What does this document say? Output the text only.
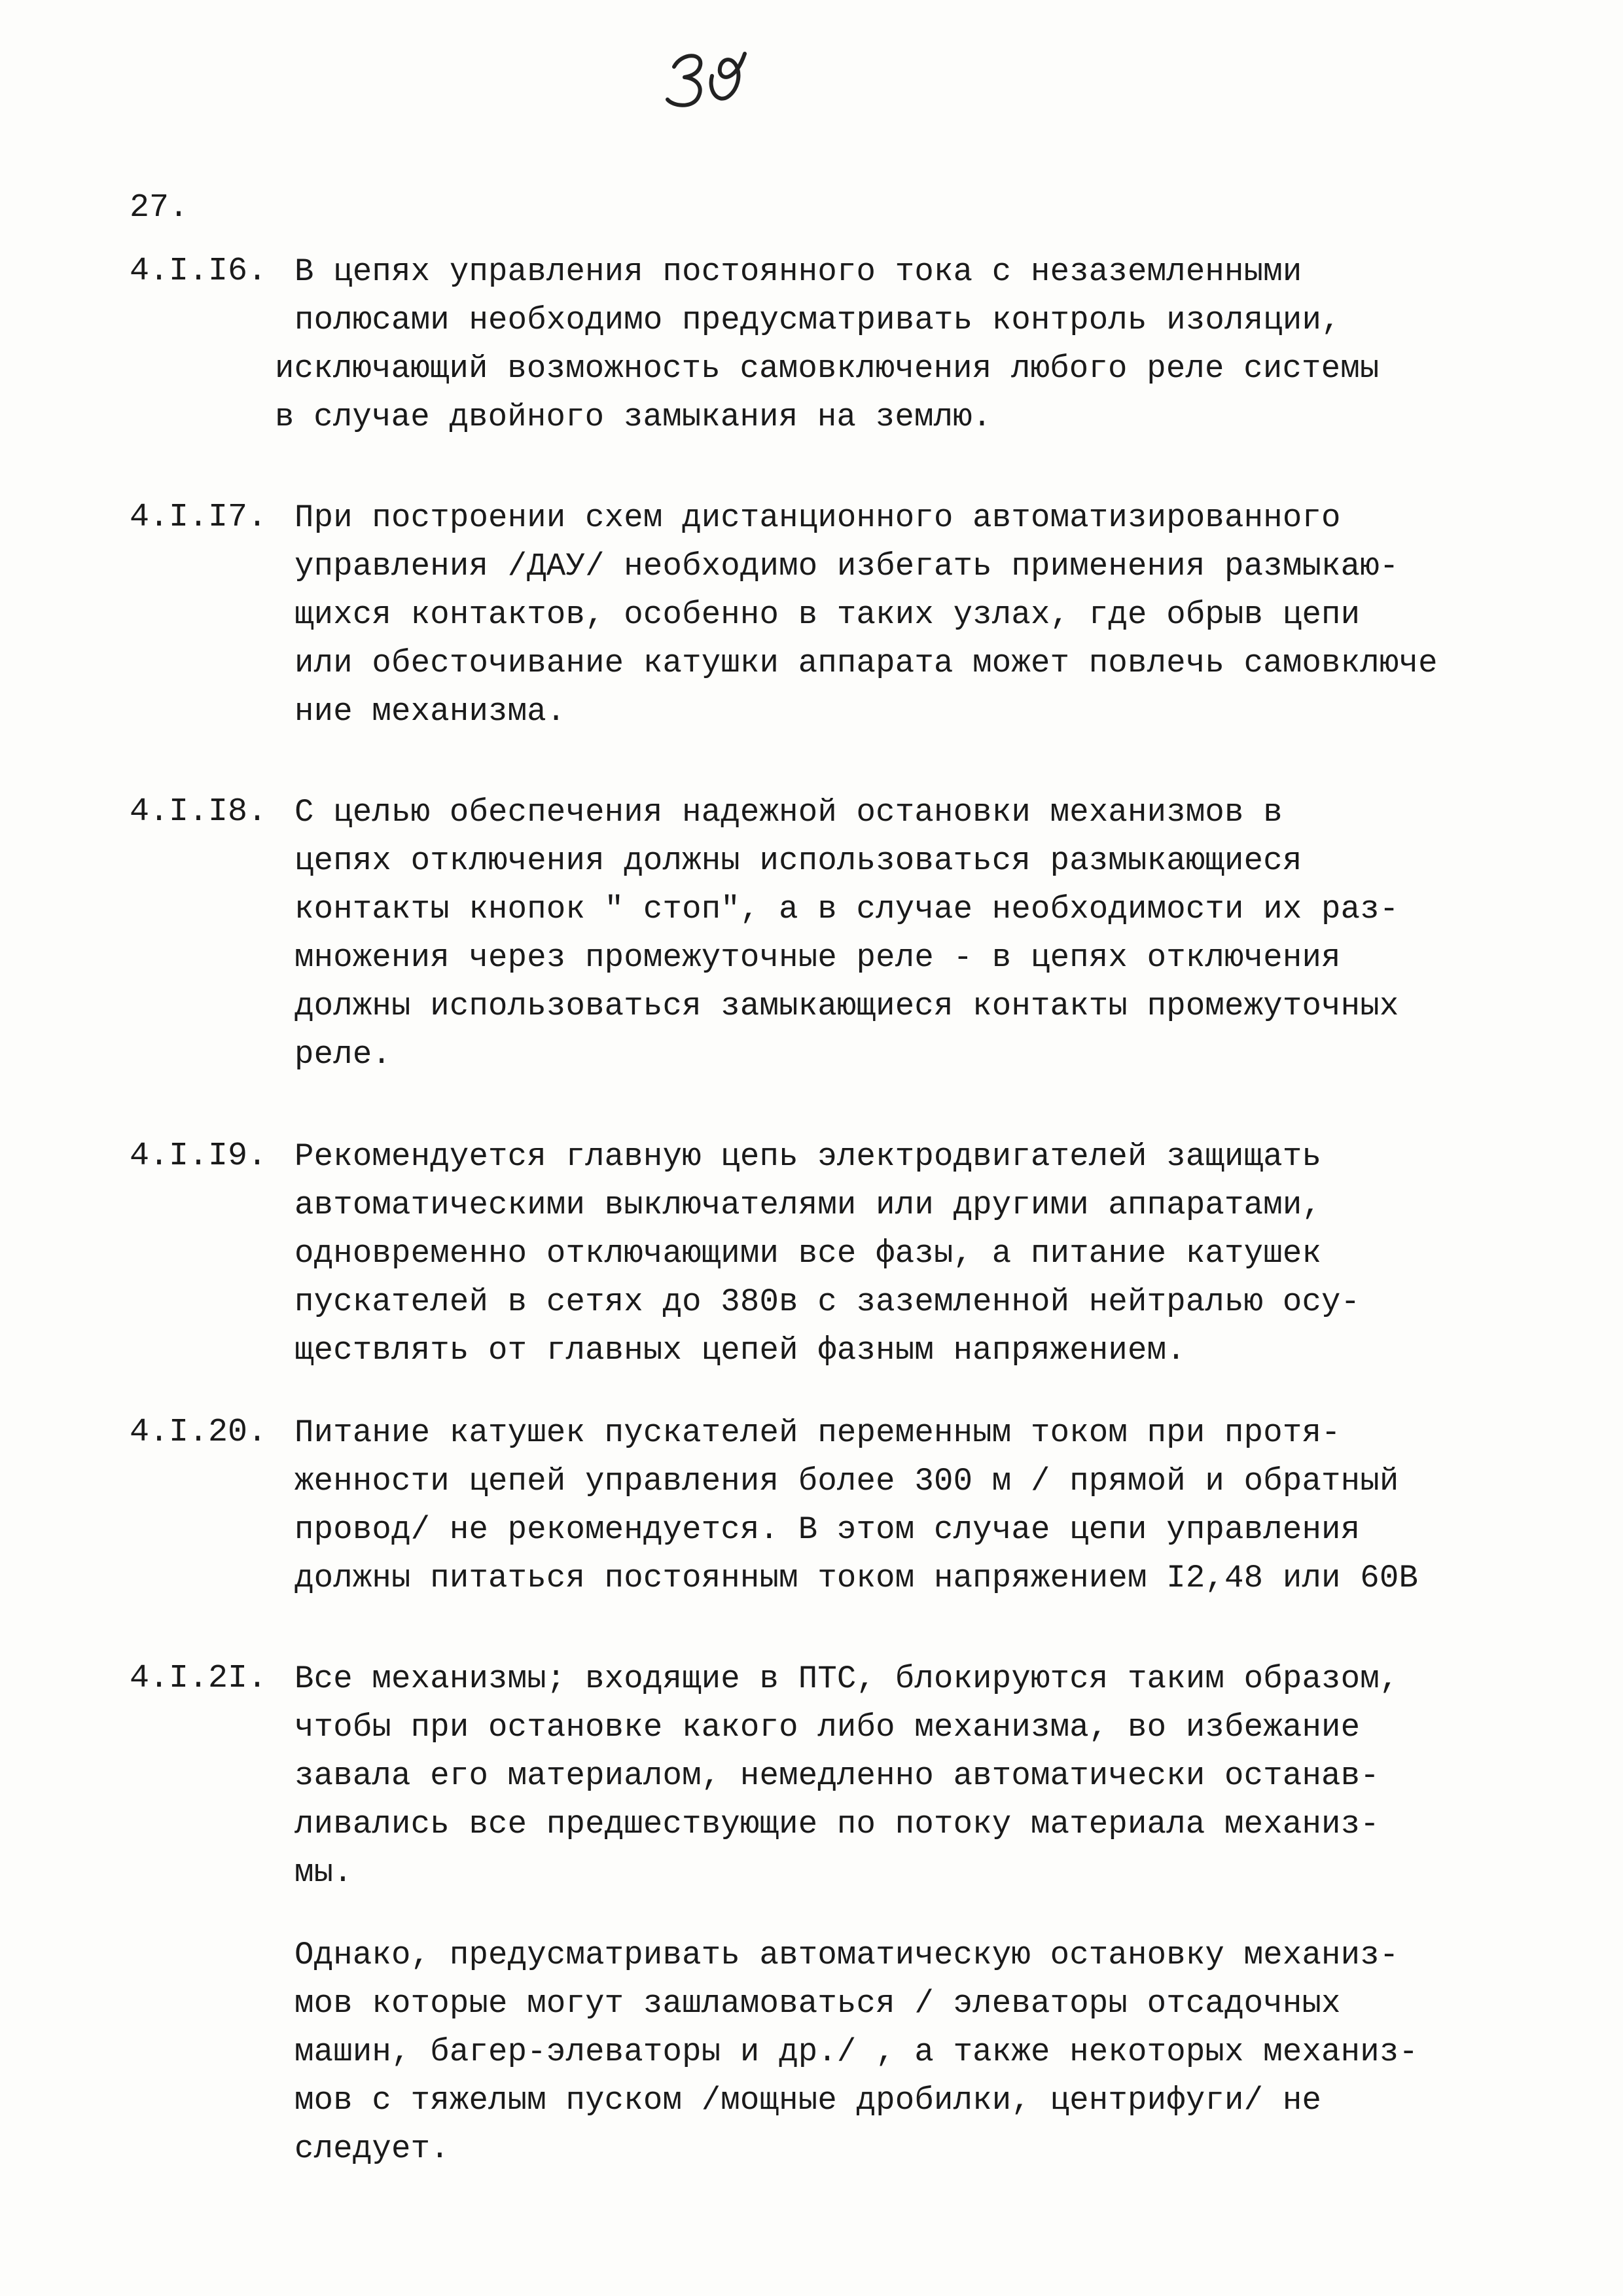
27.
4.I.I6. В цепях управления постоянного тока с незаземленными
полюсами необходимо предусматривать контроль изоляции,
исключающий возможность самовключения любого реле системы
в случае двойного замыкания на землю.
4.I.I7. При построении схем дистанционного автоматизированного
управления /ДАУ/ необходимо избегать применения размыкаю-
щихся контактов, особенно в таких узлах, где обрыв цепи
или обесточивание катушки аппарата может повлечь самовключе
ние механизма.
4.I.I8. С целью обеспечения надежной остановки механизмов в
цепях отключения должны использоваться размыкающиеся
контакты кнопок " стоп", а в случае необходимости их раз-
множения через промежуточные реле - в цепях отключения
должны использоваться замыкающиеся контакты промежуточных
реле.
4.I.I9. Рекомендуется главную цепь электродвигателей защищать
автоматическими выключателями или другими аппаратами,
одновременно отключающими все фазы, а питание катушек
пускателей в сетях до 380в с заземленной нейтралью осу-
ществлять от главных цепей фазным напряжением.
4.I.20. Питание катушек пускателей переменным током при протя-
женности цепей управления более 300 м / прямой и обратный
провод/ не рекомендуется. В этом случае цепи управления
должны питаться постоянным током напряжением I2,48 или 60В
4.I.2I. Все механизмы; входящие в ПТС, блокируются таким образом,
чтобы при остановке какого либо механизма, во избежание
завала его материалом, немедленно автоматически останав-
ливались все предшествующие по потоку материала механиз-
мы.
Однако, предусматривать автоматическую остановку механиз-
мов которые могут зашламоваться / элеваторы отсадочных
машин, багер-элеваторы и др./ , а также некоторых механиз-
мов с тяжелым пуском /мощные дробилки, центрифуги/ не
следует.
